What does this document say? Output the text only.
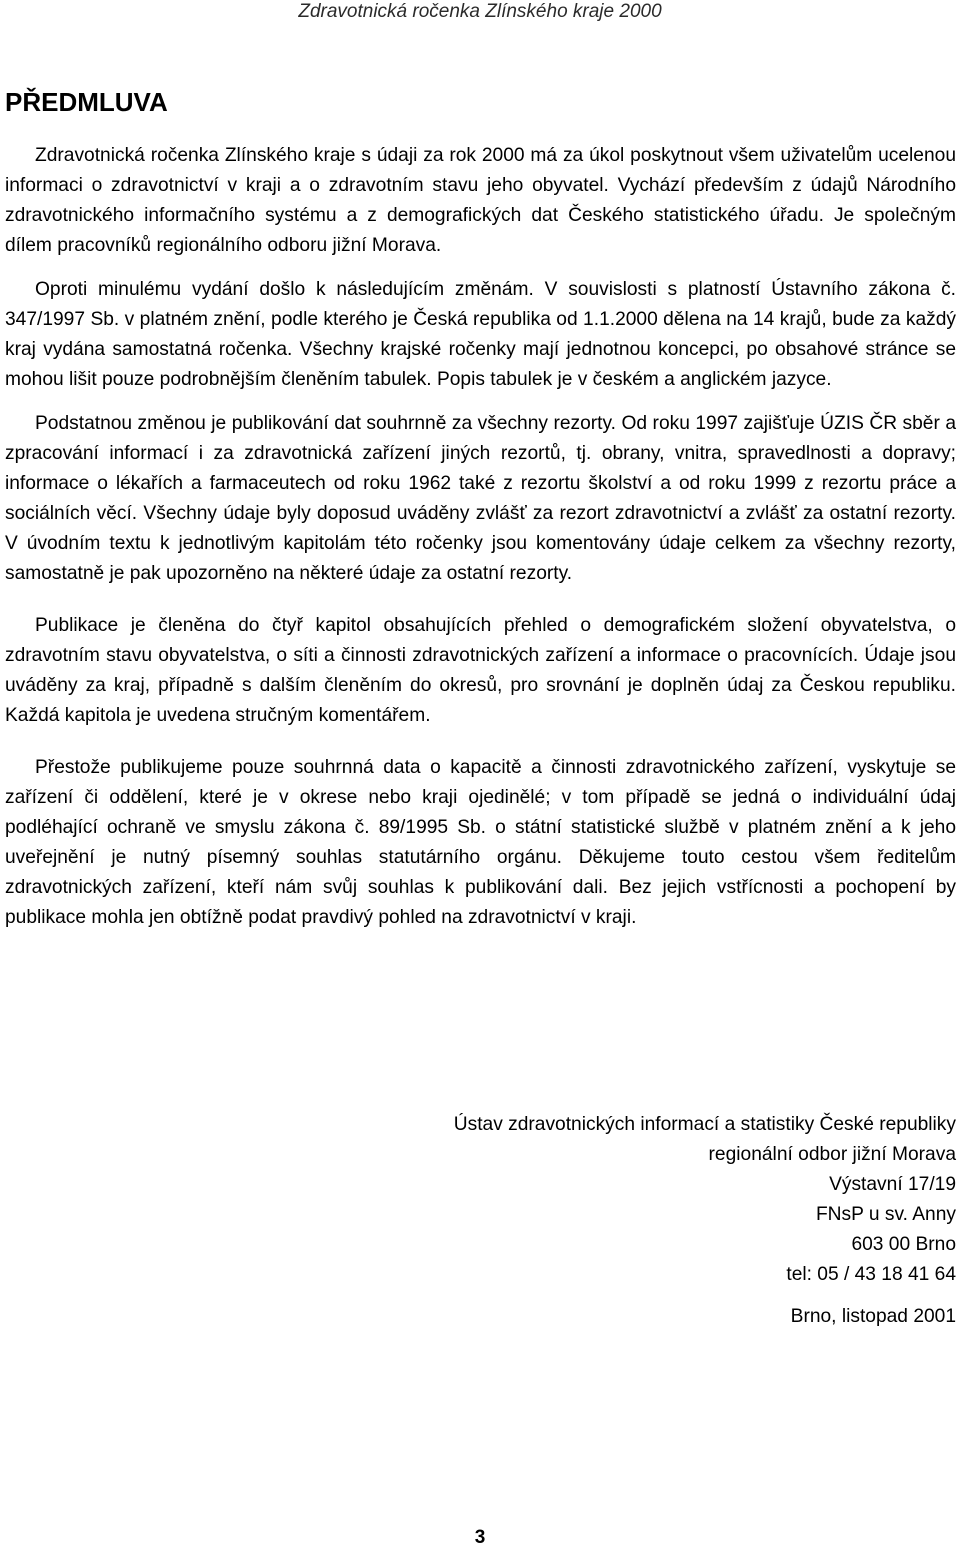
Zdravotnická ročenka Zlínského kraje 2000
PŘEDMLUVA

Zdravotnická ročenka Zlínského kraje s údaji za rok 2000 má za úkol poskytnout všem uživatelům ucelenou informaci o zdravotnictví v kraji a o zdravotním stavu jeho obyvatel. Vychází především z údajů Národního zdravotnického informačního systému a z demografických dat Českého statistického úřadu. Je společným dílem pracovníků regionálního odboru jižní Morava.

Oproti minulému vydání došlo k následujícím změnám. V souvislosti s platností Ústavního zákona č. 347/1997 Sb. v platném znění, podle kterého je Česká republika od 1.1.2000 dělena na 14 krajů, bude za každý kraj vydána samostatná ročenka. Všechny krajské ročenky mají jednotnou koncepci, po obsahové stránce se mohou lišit pouze podrobnějším členěním tabulek. Popis tabulek je v českém a anglickém jazyce.

Podstatnou změnou je publikování dat souhrnně za všechny rezorty. Od roku 1997 zajišťuje ÚZIS ČR sběr a zpracování informací i za zdravotnická zařízení jiných rezortů, tj. obrany, vnitra, spravedlnosti a dopravy; informace o lékařích a farmaceutech od roku 1962 také z rezortu školství a od roku 1999 z rezortu práce a sociálních věcí. Všechny údaje byly doposud uváděny zvlášť za rezort zdravotnictví a zvlášť za ostatní rezorty. V úvodním textu k jednotlivým kapitolám této ročenky jsou komentovány údaje celkem za všechny rezorty, samostatně je pak upozorněno na některé údaje za ostatní rezorty.

Publikace je členěna do čtyř kapitol obsahujících přehled o demografickém složení obyvatelstva, o zdravotním stavu obyvatelstva, o síti a činnosti zdravotnických zařízení a informace o pracovnících. Údaje jsou uváděny za kraj, případně s dalším členěním do okresů, pro srovnání je doplněn údaj za Českou republiku. Každá kapitola je uvedena stručným komentářem.

Přestože publikujeme pouze souhrnná data o kapacitě a činnosti zdravotnického zařízení, vyskytuje se zařízení či oddělení, které je v okrese nebo kraji ojedinělé; v tom případě se jedná o individuální údaj podléhající ochraně ve smyslu zákona č. 89/1995 Sb. o státní statistické službě v platném znění a k jeho uveřejnění je nutný písemný souhlas statutárního orgánu. Děkujeme touto cestou všem ředitelům zdravotnických zařízení, kteří nám svůj souhlas k publikování dali. Bez jejich vstřícnosti a pochopení by publikace mohla jen obtížně podat pravdivý pohled na zdravotnictví v kraji.

Ústav zdravotnických informací a statistiky České republiky
regionální odbor jižní Morava
Výstavní 17/19
FNsP u sv. Anny
603 00 Brno
tel: 05 / 43 18 41 64
Brno, listopad 2001
3
